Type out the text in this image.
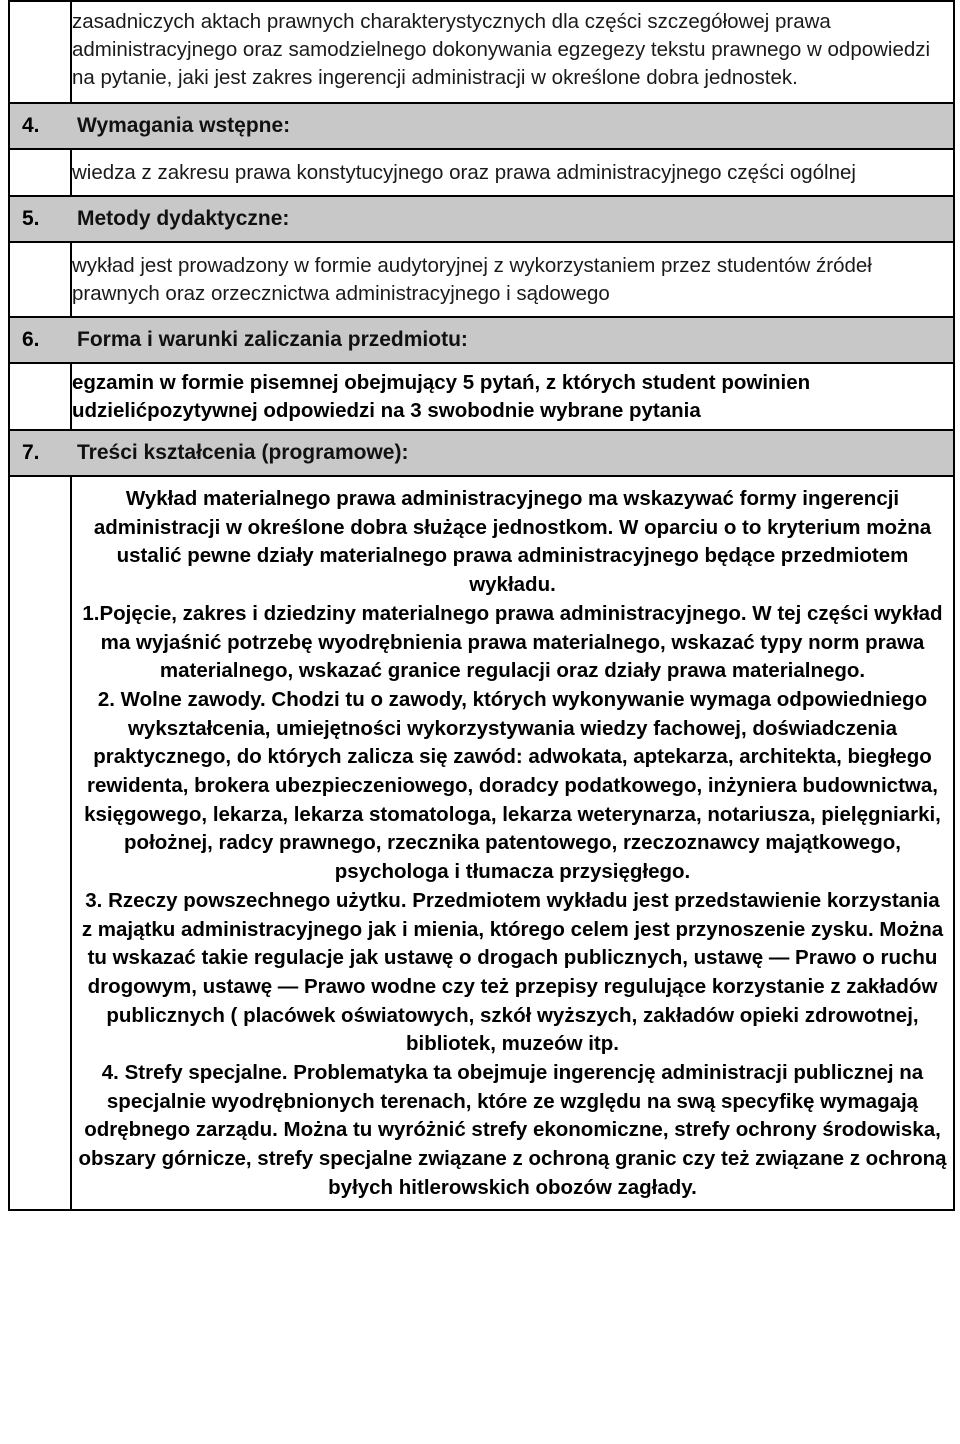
	zasadniczych aktach prawnych charakterystycznych dla części szczegółowej prawa administracyjnego oraz samodzielnego dokonywania egzegezy tekstu prawnego w odpowiedzi na pytanie, jaki jest zakres ingerencji administracji w określone dobra jednostek.

4.	Wymagania wstępne:

	wiedza z zakresu prawa konstytucyjnego oraz prawa administracyjnego części ogólnej

5.	Metody dydaktyczne:

	wykład jest prowadzony w formie audytoryjnej z wykorzystaniem przez studentów źródeł prawnych oraz orzecznictwa administracyjnego i sądowego

6.	Forma i warunki zaliczania przedmiotu:

	egzamin w formie pisemnej obejmujący 5 pytań, z których student powinien udzielićpozytywnej odpowiedzi na 3 swobodnie wybrane pytania

7.	Treści kształcenia (programowe):

	Wykład materialnego prawa administracyjnego ma wskazywać formy ingerencji administracji w określone dobra służące jednostkom. W oparciu o to kryterium można ustalić pewne działy materialnego prawa administracyjnego będące przedmiotem wykładu.

1.Pojęcie, zakres i dziedziny materialnego prawa administracyjnego. W tej części wykład ma wyjaśnić potrzebę wyodrębnienia prawa materialnego, wskazać typy norm prawa materialnego, wskazać granice regulacji oraz działy prawa materialnego.

2. Wolne zawody. Chodzi tu o zawody, których wykonywanie wymaga odpowiedniego wykształcenia, umiejętności wykorzystywania wiedzy fachowej, doświadczenia praktycznego, do których zalicza się zawód: adwokata, aptekarza, architekta, biegłego rewidenta, brokera ubezpieczeniowego, doradcy podatkowego, inżyniera budownictwa, księgowego, lekarza, lekarza stomatologa, lekarza weterynarza, notariusza, pielęgniarki, położnej, radcy prawnego, rzecznika patentowego, rzeczoznawcy majątkowego, psychologa i tłumacza przysięgłego.

3. Rzeczy powszechnego użytku. Przedmiotem wykładu jest przedstawienie korzystania z majątku administracyjnego jak i mienia, którego celem jest przynoszenie zysku. Można tu wskazać takie regulacje jak ustawę o drogach publicznych, ustawę — Prawo o ruchu drogowym, ustawę — Prawo wodne czy też przepisy regulujące korzystanie z zakładów publicznych ( placówek oświatowych, szkół wyższych, zakładów opieki zdrowotnej, bibliotek, muzeów itp.

4. Strefy specjalne. Problematyka ta obejmuje ingerencję administracji publicznej na specjalnie wyodrębnionych terenach, które ze względu na swą specyfikę wymagają odrębnego zarządu. Można tu wyróżnić strefy ekonomiczne, strefy ochrony środowiska, obszary górnicze, strefy specjalne związane z ochroną granic czy też związane z ochroną byłych hitlerowskich obozów zagłady.
